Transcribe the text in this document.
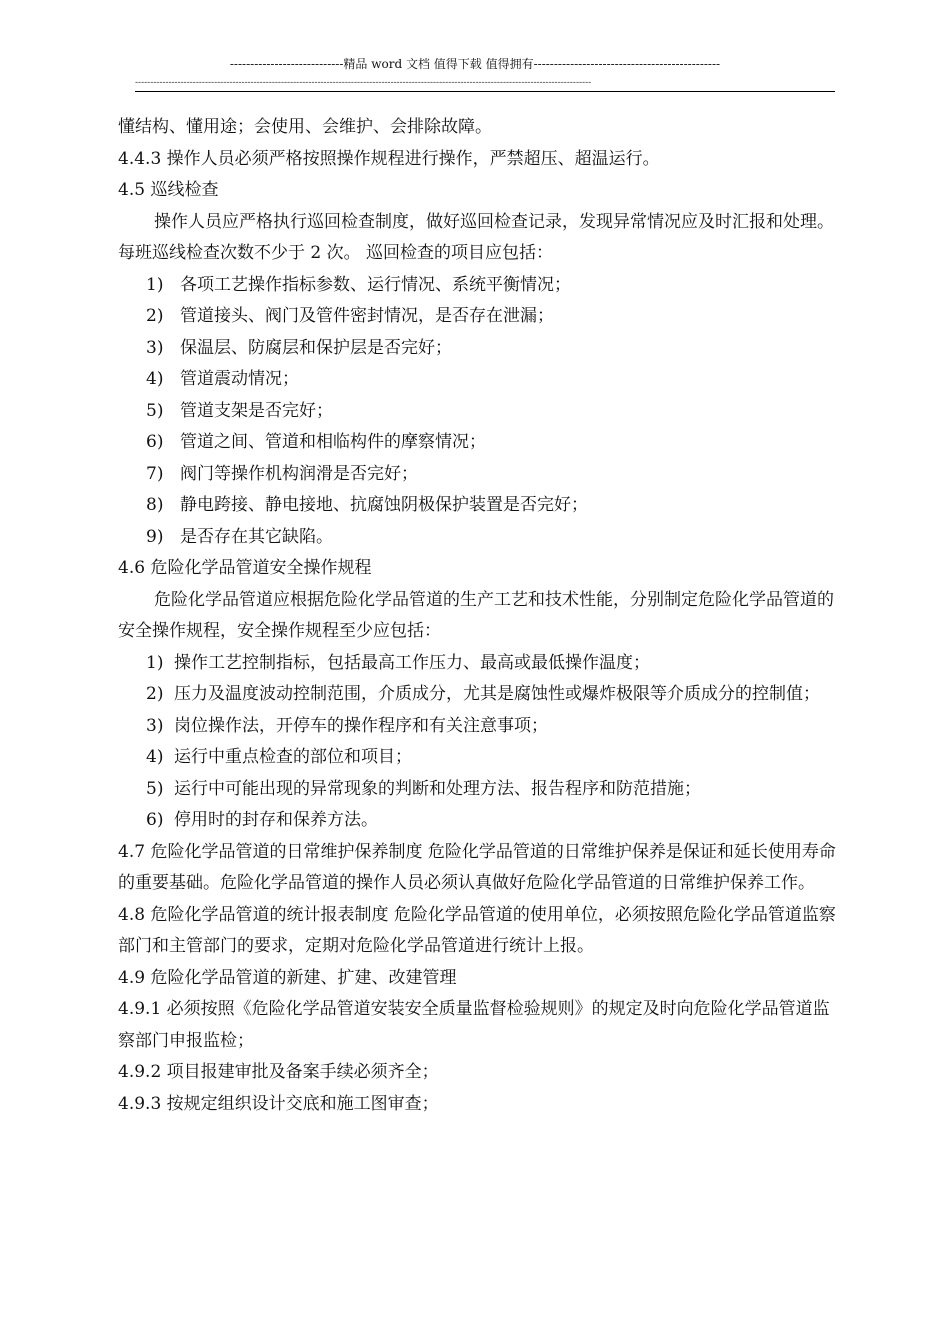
----------------------------精品 word 文档 值得下载 值得拥有----------------------------------------------
------------------------------------------------------------------------------------------------------------------------------------------------------

懂结构、懂用途；会使用、会维护、会排除故障。

4.4.3 操作人员必须严格按照操作规程进行操作，严禁超压、超温运行。

4.5 巡线检查

操作人员应严格执行巡回检查制度，做好巡回检查记录，发现异常情况应及时汇报和处理。每班巡线检查次数不少于 2 次。 巡回检查的项目应包括：

1) 各项工艺操作指标参数、运行情况、系统平衡情况；

2) 管道接头、阀门及管件密封情况，是否存在泄漏；

3) 保温层、防腐层和保护层是否完好；

4) 管道震动情况；

5) 管道支架是否完好；

6) 管道之间、管道和相临构件的摩察情况；

7) 阀门等操作机构润滑是否完好；

8) 静电跨接、静电接地、抗腐蚀阴极保护装置是否完好；

9) 是否存在其它缺陷。

4.6 危险化学品管道安全操作规程

危险化学品管道应根据危险化学品管道的生产工艺和技术性能，分别制定危险化学品管道的安全操作规程，安全操作规程至少应包括：

1) 操作工艺控制指标，包括最高工作压力、最高或最低操作温度；

2) 压力及温度波动控制范围，介质成分，尤其是腐蚀性或爆炸极限等介质成分的控制值；

3) 岗位操作法，开停车的操作程序和有关注意事项；

4) 运行中重点检查的部位和项目；

5) 运行中可能出现的异常现象的判断和处理方法、报告程序和防范措施；

6) 停用时的封存和保养方法。

4.7 危险化学品管道的日常维护保养制度 危险化学品管道的日常维护保养是保证和延长使用寿命的重要基础。危险化学品管道的操作人员必须认真做好危险化学品管道的日常维护保养工作。

4.8 危险化学品管道的统计报表制度 危险化学品管道的使用单位，必须按照危险化学品管道监察部门和主管部门的要求，定期对危险化学品管道进行统计上报。

4.9 危险化学品管道的新建、扩建、改建管理

4.9.1 必须按照《危险化学品管道安装安全质量监督检验规则》的规定及时向危险化学品管道监察部门申报监检；

4.9.2 项目报建审批及备案手续必须齐全；

4.9.3 按规定组织设计交底和施工图审查；
